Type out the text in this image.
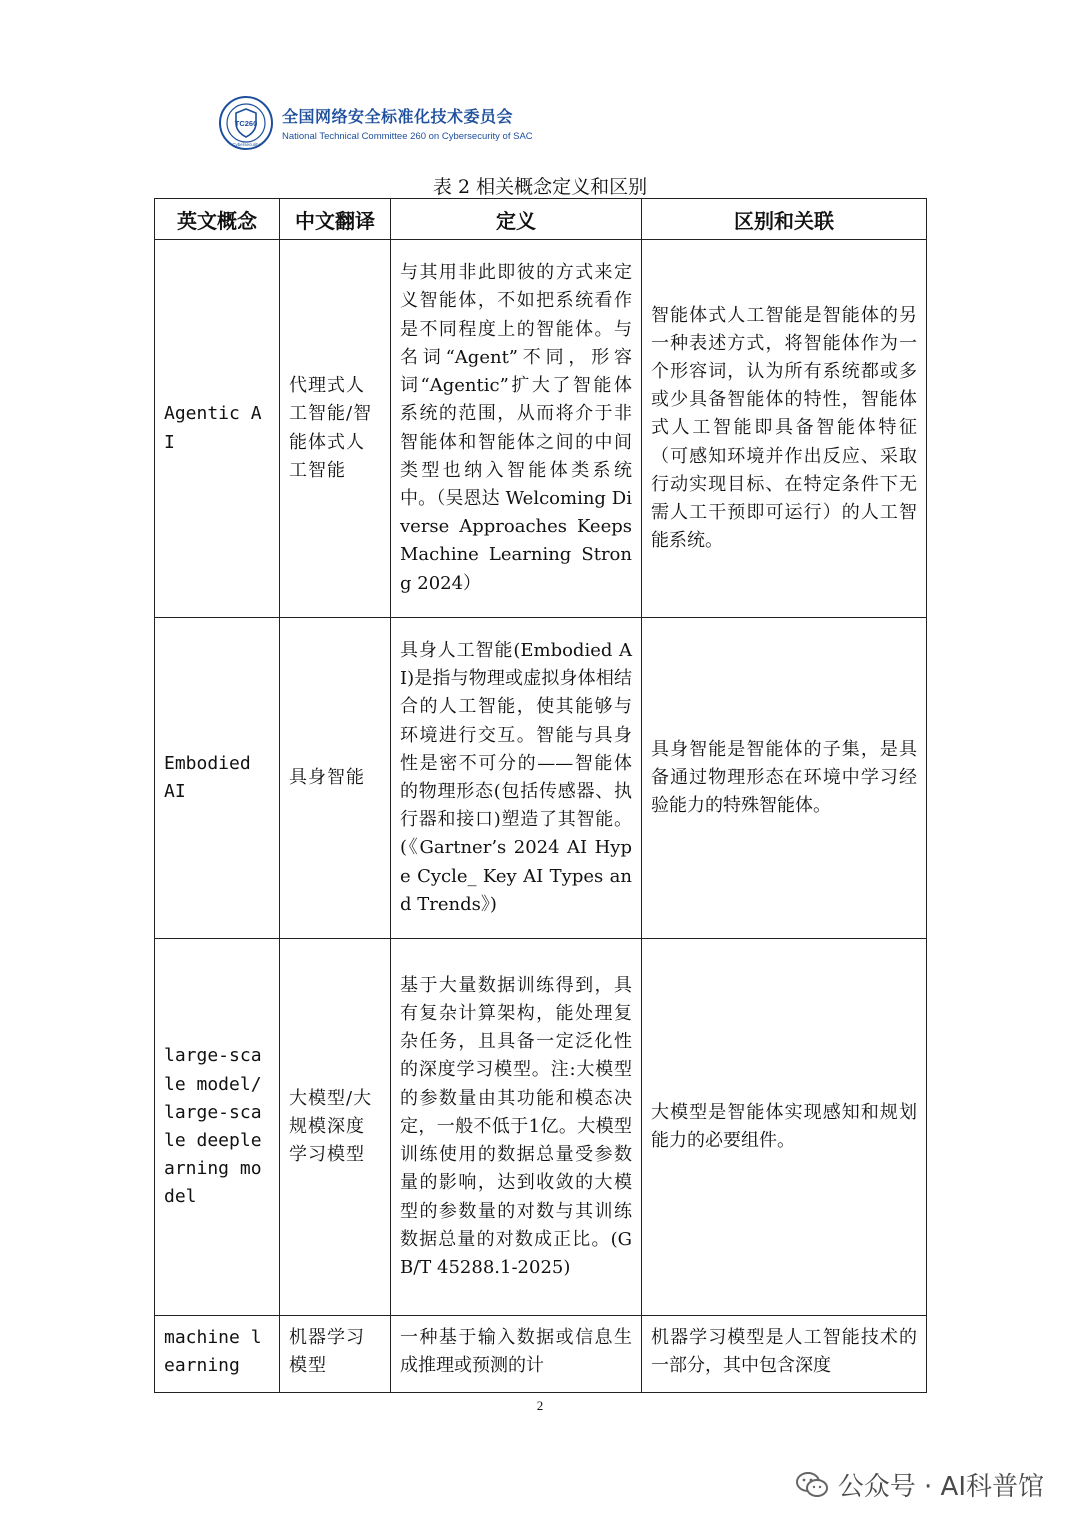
TC260
Cybersecurity
全国网络安全标准化技术委员会
National Technical Committee 260 on Cybersecurity of SAC
表 2 相关概念定义和区别
英文概念	中文翻译	定义	区别和关联
Agentic AI	代理式人工智能/智能体式人工智能	与其用非此即彼的方式来定义智能体，不如把系统看作是不同程度上的智能体。与名词“Agent”不同，形容词“Agentic”扩大了智能体系统的范围，从而将介于非智能体和智能体之间的中间类型也纳入智能体类系统中。（吴恩达 Welcoming Diverse Approaches Keeps Machine Learning Strong 2024）	智能体式人工智能是智能体的另一种表述方式，将智能体作为一个形容词，认为所有系统都或多或少具备智能体的特性，智能体式人工智能即具备智能体特征（可感知环境并作出反应、采取行动实现目标、在特定条件下无需人工干预即可运行）的人工智能系统。
Embodied AI	具身智能	具身人工智能(Embodied AI)是指与物理或虚拟身体相结合的人工智能，使其能够与环境进行交互。智能与具身性是密不可分的——智能体的物理形态(包括传感器、执行器和接口)塑造了其智能。(《Gartner’s 2024 AI Hype Cycle_ Key AI Types and Trends》)	具身智能是智能体的子集，是具备通过物理形态在环境中学习经验能力的特殊智能体。
large-scale model/large-scale deeplearning model	大模型/大规模深度学习模型	基于大量数据训练得到，具有复杂计算架构，能处理复杂任务，且具备一定泛化性的深度学习模型。注:大模型的参数量由其功能和模态决定，一般不低于1亿。大模型训练使用的数据总量受参数量的影响，达到收敛的大模型的参数量的对数与其训练数据总量的对数成正比。(GB/T 45288.1-2025)	大模型是智能体实现感知和规划能力的必要组件。
machine learning	机器学习模型	一种基于输入数据或信息生成推理或预测的计	机器学习模型是人工智能技术的一部分，其中包含深度
2
公众号 · AI科普馆
